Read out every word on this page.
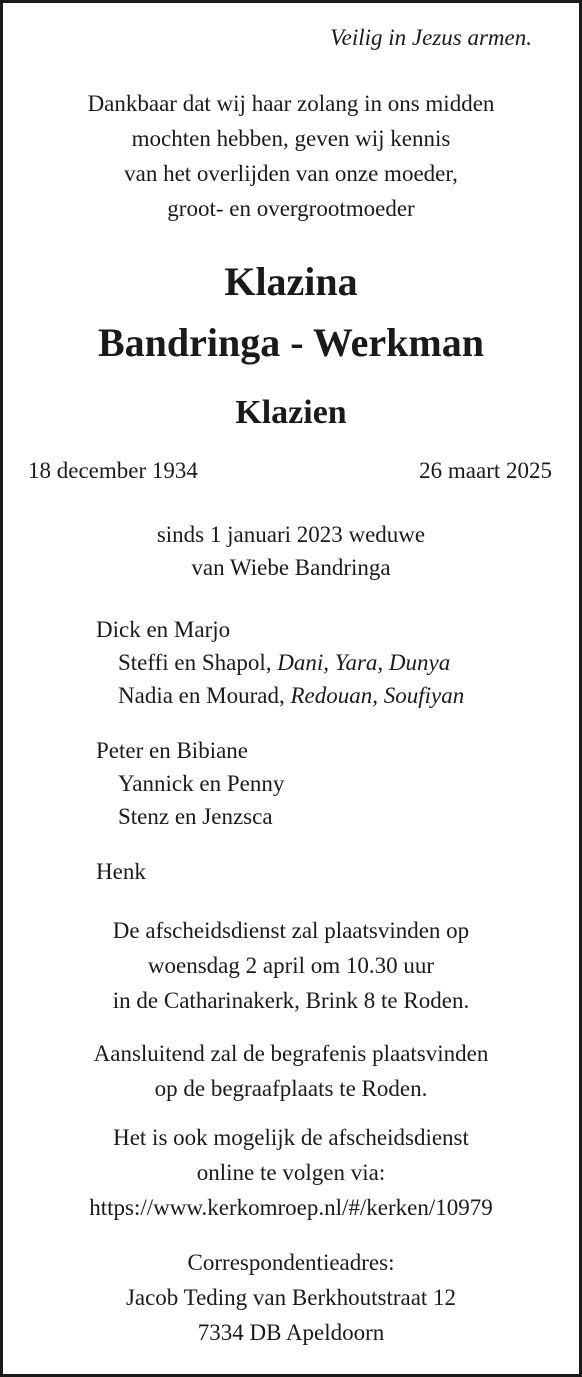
Veilig in Jezus armen.
Dankbaar dat wij haar zolang in ons midden
mochten hebben, geven wij kennis
van het overlijden van onze moeder,
groot- en overgrootmoeder
Klazina
Bandringa - Werkman
Klazien
18 december 1934	26 maart 2025
sinds 1 januari 2023 weduwe
van Wiebe Bandringa
Dick en Marjo
Steffi en Shapol, Dani, Yara, Dunya
Nadia en Mourad, Redouan, Soufiyan
Peter en Bibiane
Yannick en Penny
Stenz en Jenzsca
Henk
De afscheidsdienst zal plaatsvinden op
woensdag 2 april om 10.30 uur
in de Catharinakerk, Brink 8 te Roden.
Aansluitend zal de begrafenis plaatsvinden
op de begraafplaats te Roden.
Het is ook mogelijk de afscheidsdienst
online te volgen via:
https://www.kerkomroep.nl/#/kerken/10979
Correspondentieadres:
Jacob Teding van Berkhoutstraat 12
7334 DB Apeldoorn
